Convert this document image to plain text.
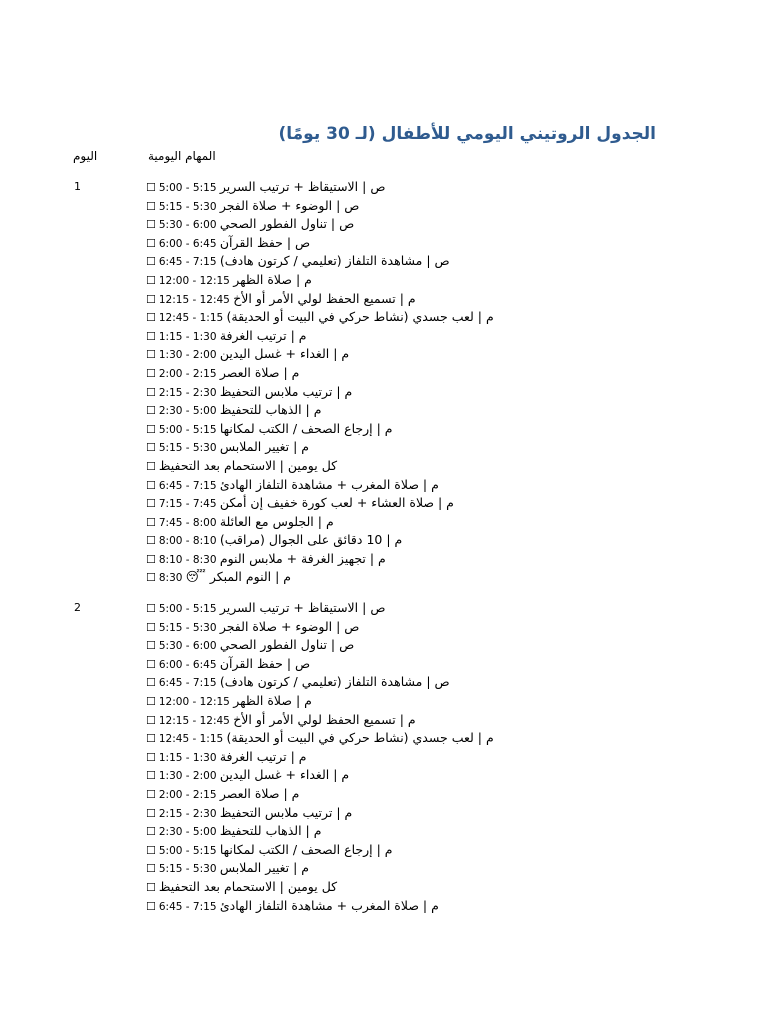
الجدول الروتيني اليومي للأطفال (لـ 30 يومًا)
اليوم	المهام اليومية
1	☐ 5:00 - 5:15 ص | الاستيقاظ + ترتيب السرير
☐ 5:15 - 5:30 ص | الوضوء + صلاة الفجر
☐ 5:30 - 6:00 ص | تناول الفطور الصحي
☐ 6:00 - 6:45 ص | حفظ القرآن
☐ 6:45 - 7:15 ص | مشاهدة التلفاز (تعليمي / كرتون هادف)
☐ 12:00 - 12:15 م | صلاة الظهر
☐ 12:15 - 12:45 م | تسميع الحفظ لولي الأمر أو الأخ
☐ 12:45 - 1:15 م | لعب جسدي (نشاط حركي في البيت أو الحديقة)
☐ 1:15 - 1:30 م | ترتيب الغرفة
☐ 1:30 - 2:00 م | الغداء + غسل اليدين
☐ 2:00 - 2:15 م | صلاة العصر
☐ 2:15 - 2:30 م | ترتيب ملابس التحفيظ
☐ 2:30 - 5:00 م | الذهاب للتحفيظ
☐ 5:00 - 5:15 م | إرجاع الصحف / الكتب لمكانها
☐ 5:15 - 5:30 م | تغيير الملابس
☐ كل يومين | الاستحمام بعد التحفيظ
☐ 6:45 - 7:15 م | صلاة المغرب + مشاهدة التلفاز الهادئ
☐ 7:15 - 7:45 م | صلاة العشاء + لعب كورة خفيف إن أمكن
☐ 7:45 - 8:00 م | الجلوس مع العائلة
☐ 8:00 - 8:10 م | 10 دقائق على الجوال (مراقب)
☐ 8:10 - 8:30 م | تجهيز الغرفة + ملابس النوم
☐ 8:30 م | النوم المبكر 😴
2	☐ 5:00 - 5:15 ص | الاستيقاظ + ترتيب السرير
☐ 5:15 - 5:30 ص | الوضوء + صلاة الفجر
☐ 5:30 - 6:00 ص | تناول الفطور الصحي
☐ 6:00 - 6:45 ص | حفظ القرآن
☐ 6:45 - 7:15 ص | مشاهدة التلفاز (تعليمي / كرتون هادف)
☐ 12:00 - 12:15 م | صلاة الظهر
☐ 12:15 - 12:45 م | تسميع الحفظ لولي الأمر أو الأخ
☐ 12:45 - 1:15 م | لعب جسدي (نشاط حركي في البيت أو الحديقة)
☐ 1:15 - 1:30 م | ترتيب الغرفة
☐ 1:30 - 2:00 م | الغداء + غسل اليدين
☐ 2:00 - 2:15 م | صلاة العصر
☐ 2:15 - 2:30 م | ترتيب ملابس التحفيظ
☐ 2:30 - 5:00 م | الذهاب للتحفيظ
☐ 5:00 - 5:15 م | إرجاع الصحف / الكتب لمكانها
☐ 5:15 - 5:30 م | تغيير الملابس
☐ كل يومين | الاستحمام بعد التحفيظ
☐ 6:45 - 7:15 م | صلاة المغرب + مشاهدة التلفاز الهادئ
